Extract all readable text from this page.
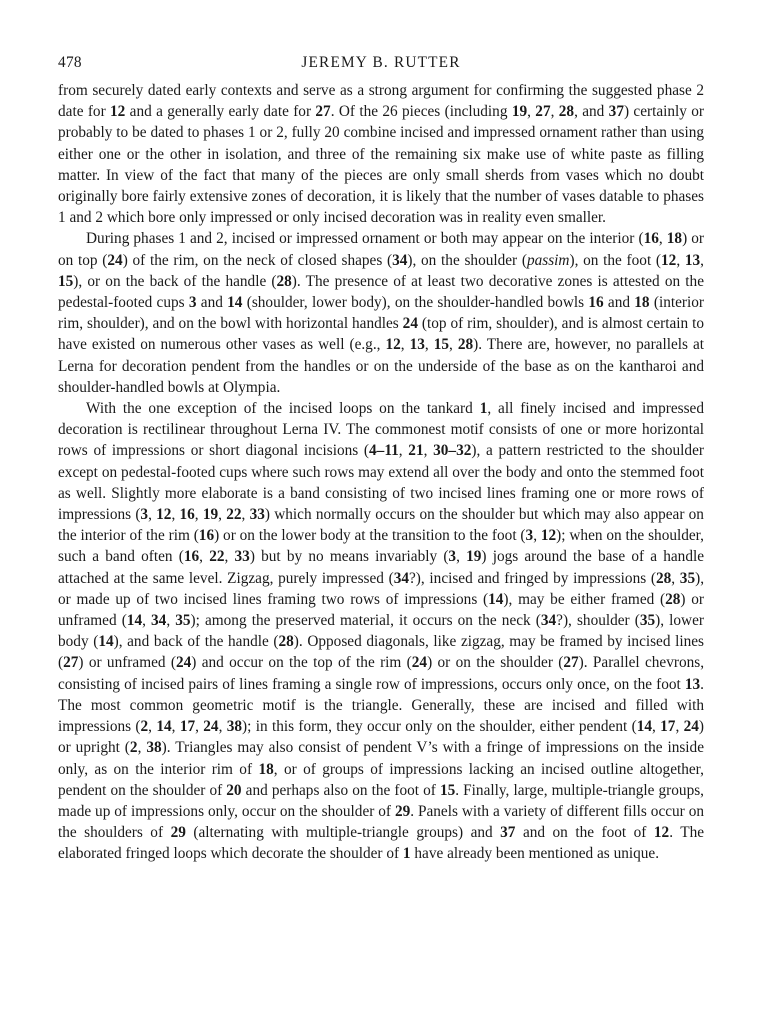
478	JEREMY B. RUTTER

from securely dated early contexts and serve as a strong argument for confirming the suggested phase 2 date for 12 and a generally early date for 27. Of the 26 pieces (including 19, 27, 28, and 37) certainly or probably to be dated to phases 1 or 2, fully 20 combine incised and impressed ornament rather than using either one or the other in isolation, and three of the remaining six make use of white paste as filling matter. In view of the fact that many of the pieces are only small sherds from vases which no doubt originally bore fairly extensive zones of decoration, it is likely that the number of vases datable to phases 1 and 2 which bore only impressed or only incised decoration was in reality even smaller.

During phases 1 and 2, incised or impressed ornament or both may appear on the interior (16, 18) or on top (24) of the rim, on the neck of closed shapes (34), on the shoulder (passim), on the foot (12, 13, 15), or on the back of the handle (28). The presence of at least two decorative zones is attested on the pedestal-footed cups 3 and 14 (shoulder, lower body), on the shoulder-handled bowls 16 and 18 (interior rim, shoulder), and on the bowl with horizontal handles 24 (top of rim, shoulder), and is almost certain to have existed on numerous other vases as well (e.g., 12, 13, 15, 28). There are, however, no parallels at Lerna for decoration pendent from the handles or on the underside of the base as on the kantharoi and shoulder-handled bowls at Olympia.

With the one exception of the incised loops on the tankard 1, all finely incised and impressed decoration is rectilinear throughout Lerna IV. The commonest motif consists of one or more horizontal rows of impressions or short diagonal incisions (4–11, 21, 30–32), a pattern restricted to the shoulder except on pedestal-footed cups where such rows may extend all over the body and onto the stemmed foot as well. Slightly more elaborate is a band consisting of two incised lines framing one or more rows of impressions (3, 12, 16, 19, 22, 33) which normally occurs on the shoulder but which may also appear on the interior of the rim (16) or on the lower body at the transition to the foot (3, 12); when on the shoulder, such a band often (16, 22, 33) but by no means invariably (3, 19) jogs around the base of a handle attached at the same level. Zigzag, purely impressed (34?), incised and fringed by impressions (28, 35), or made up of two incised lines framing two rows of impressions (14), may be either framed (28) or unframed (14, 34, 35); among the preserved material, it occurs on the neck (34?), shoulder (35), lower body (14), and back of the handle (28). Opposed diagonals, like zigzag, may be framed by incised lines (27) or unframed (24) and occur on the top of the rim (24) or on the shoulder (27). Parallel chevrons, consisting of incised pairs of lines framing a single row of impressions, occurs only once, on the foot 13. The most common geometric motif is the triangle. Generally, these are incised and filled with impressions (2, 14, 17, 24, 38); in this form, they occur only on the shoulder, either pendent (14, 17, 24) or upright (2, 38). Triangles may also consist of pendent V’s with a fringe of impressions on the inside only, as on the interior rim of 18, or of groups of impressions lacking an incised outline altogether, pendent on the shoulder of 20 and perhaps also on the foot of 15. Finally, large, multiple-triangle groups, made up of impressions only, occur on the shoulder of 29. Panels with a variety of different fills occur on the shoulders of 29 (alternating with multiple-triangle groups) and 37 and on the foot of 12. The elaborated fringed loops which decorate the shoulder of 1 have already been mentioned as unique.
